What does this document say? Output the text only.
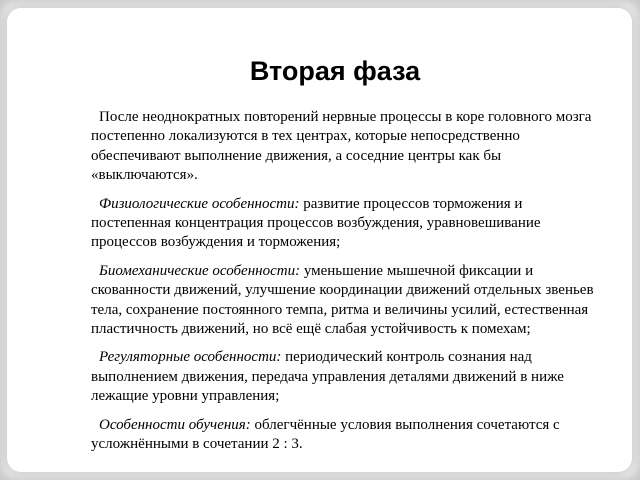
Вторая фаза

После неоднократных повторений нервные процессы в коре головного мозга постепенно локализуются в тех центрах, которые непосредственно обеспечивают выполнение движения, а соседние центры как бы «выключаются».

Физиологические особенности: развитие процессов торможения и постепенная концентрация процессов возбуждения, уравновешивание процессов возбуждения и торможения;

Биомеханические особенности: уменьшение мышечной фиксации и скованности движений, улучшение координации движений отдельных звеньев тела, сохранение постоянного темпа, ритма и величины усилий, естественная пластичность движений, но всё ещё слабая устойчивость к помехам;

Регуляторные особенности: периодический контроль сознания над выполнением движения, передача управления деталями движений в ниже лежащие уровни управления;

Особенности обучения: облегчённые условия выполнения сочетаются с усложнёнными в сочетании 2 : 3.
